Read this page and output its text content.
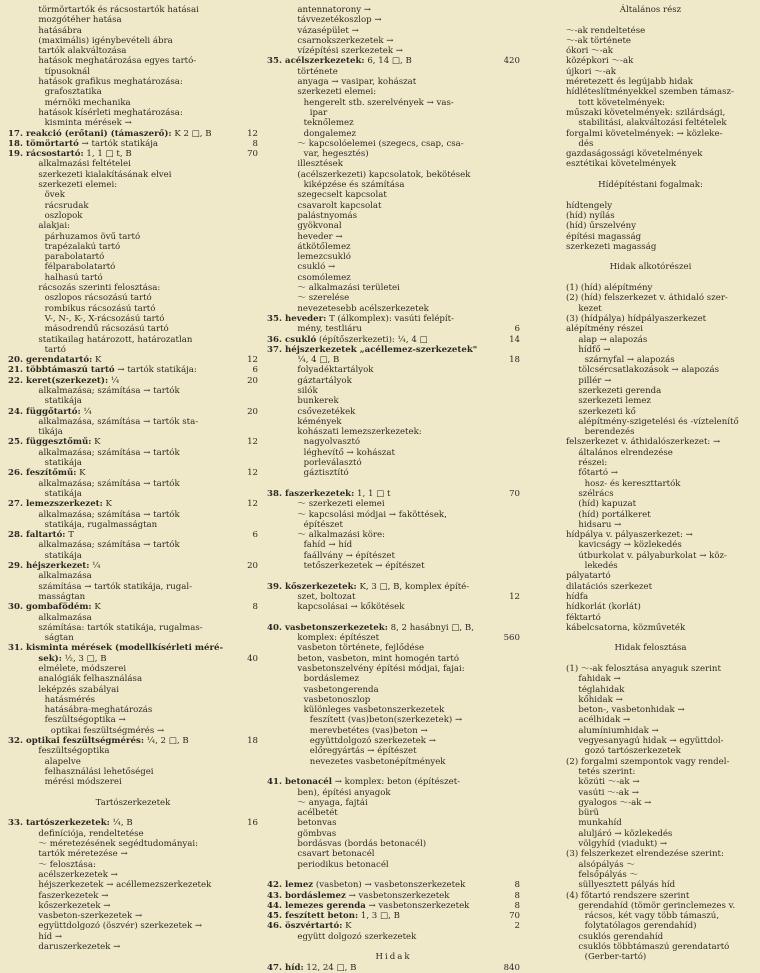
törmörtartók és rácsostartók hatásai
mozgótéher hatása
hatásábra
(maximális) igénybevételi ábra
tartók alakváltozása
hatások meghatározása egyes tartó-
típusoknál
hatások grafikus meghatározása:
grafosztatika
mérnöki mechanika
hatások kísérleti meghatározása:
kisminta mérések →
17. reakció (erőtani) (támaszerő): K 2 □, B	12
18. tömörtartó → tartók statikája	8
19. rácsostartó: 1, 1 □ t, B	70
alkalmazási feltételei
szerkezeti kialakításának elvei
szerkezeti elemei:
övek
rácsrudak
oszlopok
alakjai:
párhuzamos övű tartó
trapézalakú tartó
parabolatartó
félparabolatartó
halhasú tartó
rácsozás szerinti felosztása:
oszlopos rácsozású tartó
rombikus rácsozású tartó
V-, N-, K-, X-rácsozású tartó
másodrendű rácsozású tartó
statikailag határozott, határozatlan
tartó
20. gerendatartó: K	12
21. többtámaszú tartó → tartók statikája:	6
22. keret(szerkezet): ¼	20
alkalmazása; számítása → tartók
statikája
24. függőtartó: ¼	20
alkalmazása, számítása → tartók sta-
tikája
25. függesztőmű: K	12
alkalmazása; számítása → tartók
statikája
26. feszítőmű: K	12
alkalmazása; számítása → tartók
statikája
27. lemezszerkezet: K	12
alkalmazása; számítása → tartók
statikája, rugalmasságtan
28. faltartó: T	6
alkalmazása; számítása → tartók
statikája
29. héjszerkezet: ¼	20
alkalmazása
számítása → tartók statikája, rugal-
masságtan
30. gombafödém: K	8
alkalmazása
számítása: tartók statikája, rugalmas-
ságtan
31. kisminta mérések (modellkísérleti méré-
sek): ½, 3 □, B	40
elmélete, módszerei
analógiák felhasználása
leképzés szabályai
hatásmérés
hatásábra-meghatározás
feszültségoptika →
optikai feszültségmérés →
32. optikai feszültségmérés: ¼, 2 □, B	18
feszültségoptika
alapelve
felhasználási lehetőségei
mérési módszerei
Tartószerkezetek
33. tartószerkezetek: ¼, B	16
definíciója, rendeltetése
～ méretezésének segédtudományai:
tartók méretezése →
～ felosztása:
acélszerkezetek →
héjszerkezetek → acéllemezszerkezetek
faszerkezetek →
kőszerkezetek →
vasbeton-szerkezetek →
együttdolgozó (öszvér) szerkezetek →
híd →
daruszerkezetek →
antennatorony →
távvezetékoszlop →
vázasépület →
csarnokszerkezetek →
vízépítési szerkezetek →
35. acélszerkezetek: 6, 14 □, B	420
története
anyaga → vasipar, kohászat
szerkezeti elemei:
hengerelt stb. szerelvények → vas-
ipar
teknőlemez
dongalemez
～ kapcsolóelemei (szegecs, csap, csa-
var, hegesztés)
illesztések
(acélszerkezeti) kapcsolatok, bekötések
kiképzése és számítása
szegecselt kapcsolat
csavarolt kapcsolat
palástnyomás
gyökvonal
heveder →
átkötőlemez
lemezcsukló
csukló →
csomólemez
～ alkalmazási területei
～ szerelése
nevezetesebb acélszerkezetek
35. heveder: T (álkomplex): vasúti felépít-
mény, testliáru	6
36. csukló (építőszerkezeti): ¼, 4 □	14
37. héjszerkezetek „acéllemez-szerkezetek"
¼, 4 □, B	18
folyadéktartályok
gáztartályok
silók
bunkerek
csővezetékek
kémények
kohászati lemezszerkezetek:
nagyolvasztó
léghevítő → kohászat
porleválasztó
gáztisztító
38. faszerkezetek: 1, 1 □ t	70
～ szerkezeti elemei
～ kapcsolási módjai → faköttések,
építészet
～ alkalmazási köre:
fahíd → híd
faállvány → építészet
tetőszerkezetek → építészet
39. kőszerkezetek: K, 3 □, B, komplex építé-
szet, boltozat	12
kapcsolásai → kőkötések
40. vasbetonszerkezetek: 8, 2 hasábnyi □, B,
komplex: építészet	560
vasbeton története, fejlődése
beton, vasbeton, mint homogén tartó
vasbetonszelvény építési módjai, fajai:
bordáslemez
vasbetongerenda
vasbetonoszlop
különleges vasbetonszerkezetek
feszített (vas)beton(szerkezetek) →
merevbetétes (vas)beton →
együttdolgozó szerkezetek →
előregyártás → építészet
nevezetes vasbetonépítmények
41. betonacél → komplex: beton (építészet-
ben), építési anyagok
～ anyaga, fajtái
acélbetét
betonvas
gömbvas
bordásvas (bordás betonacél)
csavart betonacél
periodikus betonacél
42. lemez (vasbeton) → vasbetonszerkezetek	8
43. bordáslemez → vasbetonszerkezetek	8
44. lemezes gerenda → vasbetonszerkezetek	8
45. feszített beton: 1, 3 □, B	70
46. öszvértartó: K	2
együtt dolgozó szerkezetek
Hidak
47. híd: 12, 24 □, B	840
Általános rész
～-ak rendeltetése
～-ak története
ókori ～-ak
középkori ～-ak
újkori ～-ak
méretezett és legújabb hidak
hídléteslítményekkel szemben támasz-
tott követelmények:
műszaki követelmények: szilárdsági,
stabilitási, alakváltozási feltételek
forgalmi követelmények: → közleke-
dés
gazdaságossági követelmények
esztétikai követelmények
Hídépítéstani fogalmak:
hídtengely
(híd) nyílás
(híd) űrszelvény
építési magasság
szerkezeti magasság
Hidak alkotórészei
(1) (híd) alépítmény
(2) (híd) felszerkezet v. áthidaló szer-
kezet
(3) (hídpálya) hídpályaszerkezet
alépítmény részei
alap → alapozás
hídfő →
szárnyfal → alapozás
tölcsércsatlakozások → alapozás
pillér →
szerkezeti gerenda
szerkezeti lemez
szerkezeti kő
alépítmény-szigetelési és -víztelenítő
berendezés
felszerkezet v. áthidalószerkezet: →
általános elrendezése
részei:
főtartó →
hosz- és kereszttartók
szélrács
(híd) kapuzat
(híd) portálkeret
hidsaru →
hídpálya v. pályaszerkezet: →
kavicságy → közlekedés
útburkolat v. pályaburkolat → köz-
lekedés
pályatartó
dilatációs szerkezet
hídfa
hídkorlát (korlát)
féktartó
kábelcsatorna, közműveték
Hidak felosztása
(1) ～-ak felosztása anyaguk szerint
fahidak →
téglahidak
kőhidak →
beton-, vasbetonhidak →
acélhidak →
alumíniumhidak →
vegyesanyagú hidak → együttdol-
gozó tartószerkezetek
(2) forgalmi szempontok vagy rendel-
tetés szerint:
közúti ～-ak →
vasúti ～-ak →
gyalogos ～-ak →
bürü
munkahíd
aluljáró → közlekedés
völgyhíd (viadukt) →
(3) felszerkezet elrendezése szerint:
alsópályás ～
felsőpályás ～
süllyesztett pályás híd
(4) főtartó rendszere szerint
gerendahíd (tömör gerinclemezes v.
rácsos, két vagy több támaszú,
folytatólagos gerendahíd)
csuklós gerendahíd
csuklós többtámaszú gerendatartó
(Gerber-tartó)
